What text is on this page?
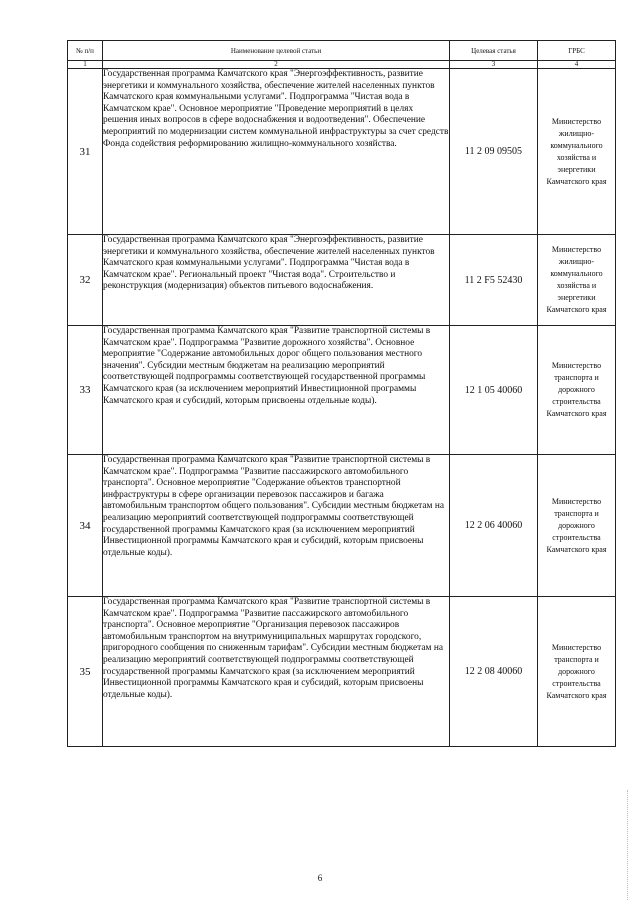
№ п/п	Наименование целевой статьи	Целевая статья	ГРБС
1	2	3	4
31	Государственная программа Камчатского края "Энергоэффективность, развитие энергетики и коммунального хозяйства, обеспечение жителей населенных пунктов Камчатского края коммунальными услугами". Подпрограмма "Чистая вода в Камчатском крае". Основное мероприятие "Проведение мероприятий в целях решения иных вопросов в сфере водоснабжения и водоотведения". Обеспечение мероприятий по модернизации систем коммунальной инфраструктуры за счет средств Фонда содействия реформированию жилищно-коммунального хозяйства.	11 2 09 09505	Министерство жилищно-коммунального хозяйства и энергетики Камчатского края
32	Государственная программа Камчатского края "Энергоэффективность, развитие энергетики и коммунального хозяйства, обеспечение жителей населенных пунктов Камчатского края коммунальными услугами". Подпрограмма "Чистая вода в Камчатском крае". Региональный проект "Чистая вода". Строительство и реконструкция (модернизация) объектов питьевого водоснабжения.	11 2 F5 52430	Министерство жилищно-коммунального хозяйства и энергетики Камчатского края
33	Государственная программа Камчатского края "Развитие транспортной системы в Камчатском крае". Подпрограмма "Развитие дорожного хозяйства". Основное мероприятие "Содержание автомобильных дорог общего пользования местного значения". Субсидии местным бюджетам на реализацию мероприятий соответствующей подпрограммы соответствующей государственной программы Камчатского края (за исключением мероприятий Инвестиционной программы Камчатского края и субсидий, которым присвоены отдельные коды).	12 1 05 40060	Министерство транспорта и дорожного строительства Камчатского края
34	Государственная программа Камчатского края "Развитие транспортной системы в Камчатском крае". Подпрограмма "Развитие пассажирского автомобильного транспорта". Основное мероприятие "Содержание объектов транспортной инфраструктуры в сфере организации перевозок пассажиров и багажа автомобильным транспортом общего пользования". Субсидии местным бюджетам на реализацию мероприятий соответствующей подпрограммы соответствующей государственной программы Камчатского края (за исключением мероприятий Инвестиционной программы Камчатского края и субсидий, которым присвоены отдельные коды).	12 2 06 40060	Министерство транспорта и дорожного строительства Камчатского края
35	Государственная программа Камчатского края "Развитие транспортной системы в Камчатском крае". Подпрограмма "Развитие пассажирского автомобильного транспорта". Основное мероприятие "Организация перевозок пассажиров автомобильным транспортом на внутримуниципальных маршрутах городского, пригородного сообщения по сниженным тарифам". Субсидии местным бюджетам на реализацию мероприятий соответствующей подпрограммы соответствующей государственной программы Камчатского края (за исключением мероприятий Инвестиционной программы Камчатского края и субсидий, которым присвоены отдельные коды).	12 2 08 40060	Министерство транспорта и дорожного строительства Камчатского края
6
